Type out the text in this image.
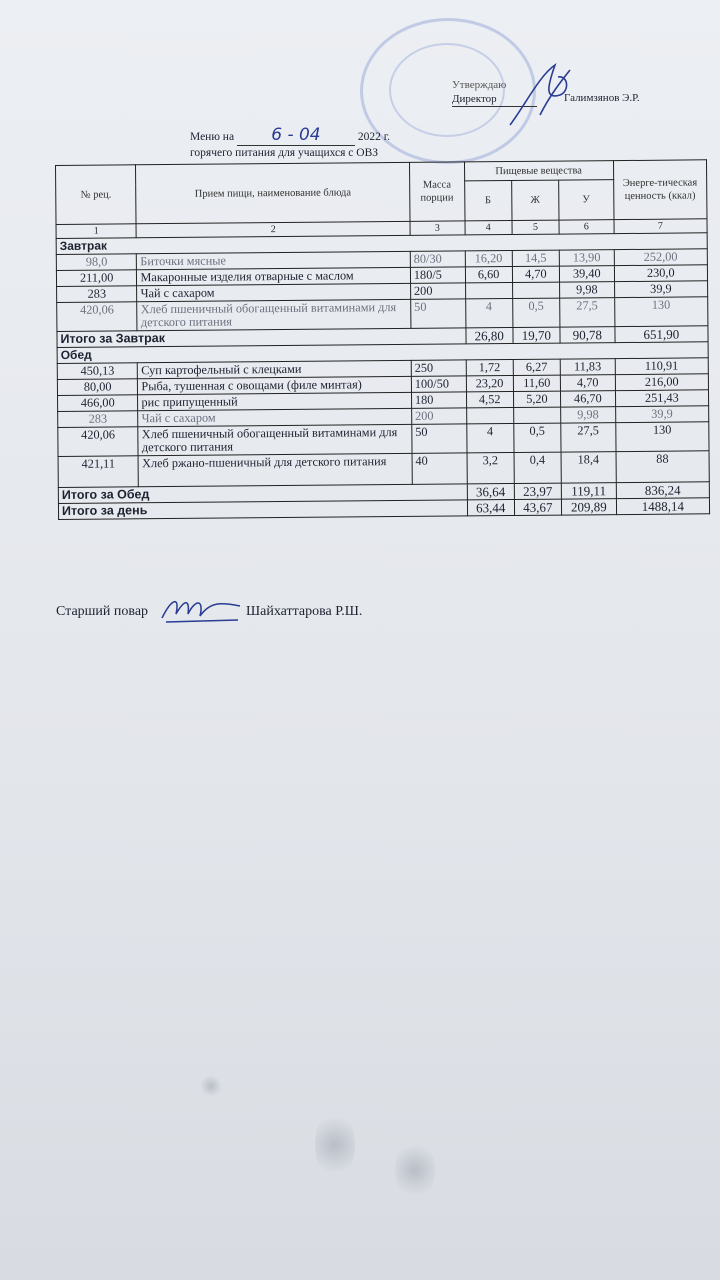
Утверждаю
Директор	Галимзянов Э.Р.
Меню на 6 - 04	2022 г.
горячего питания для учащихся с ОВЗ
№ рец.	Прием пищи, наименование блюда	Масса порции	Пищевые вещества			Энерге-тическая ценность (ккал)
			Б	Ж	У	
1	2	3	4	5	6	7
Завтрак						
98,0	Биточки мясные	80/30	16,20	14,5	13,90	252,00
211,00	Макаронные изделия отварные с маслом	180/5	6,60	4,70	39,40	230,0
283	Чай с сахаром	200			9,98	39,9
420,06	Хлеб пшеничный обогащенный витаминами для детского питания	50	4	0,5	27,5	130
Итого за Завтрак			26,80	19,70	90,78	651,90
Обед						
450,13	Суп картофельный с клецками	250	1,72	6,27	11,83	110,91
80,00	Рыба, тушенная с овощами (филе минтая)	100/50	23,20	11,60	4,70	216,00
466,00	рис припущенный	180	4,52	5,20	46,70	251,43
283	Чай с сахаром	200			9,98	39,9
420,06	Хлеб пшеничный обогащенный витаминами для детского питания	50	4	0,5	27,5	130
421,11	Хлеб ржано-пшеничный для детского питания	40	3,2	0,4	18,4	88
Итого за Обед			36,64	23,97	119,11	836,24
Итого за день			63,44	43,67	209,89	1488,14
Старший повар	Шайхаттарова Р.Ш.
